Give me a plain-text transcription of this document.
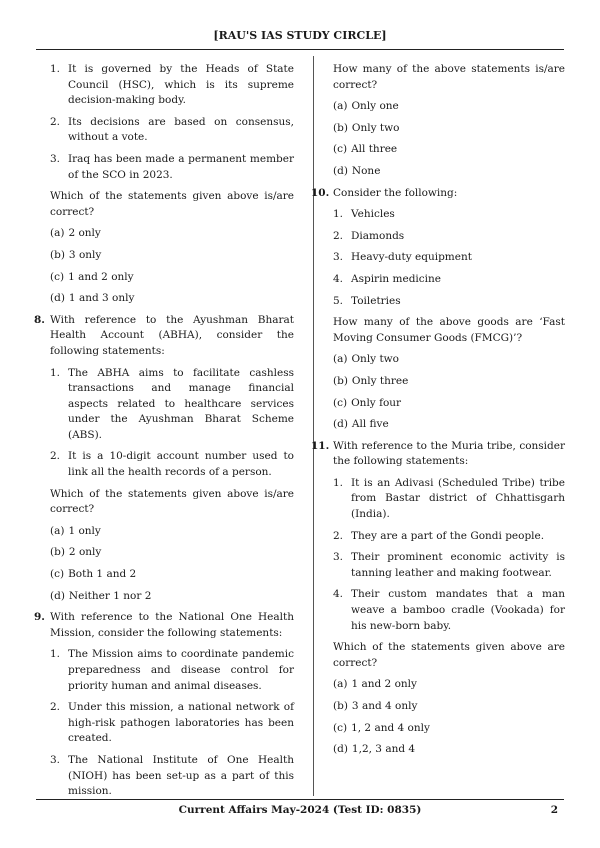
[RAU'S IAS STUDY CIRCLE]
1. It is governed by the Heads of State Council (HSC), which is its supreme decision-making body.
2. Its decisions are based on consensus, without a vote.
3. Iraq has been made a permanent member of the SCO in 2023.
Which of the statements given above is/are correct?
(a) 2 only
(b) 3 only
(c) 1 and 2 only
(d) 1 and 3 only
8. With reference to the Ayushman Bharat Health Account (ABHA), consider the following statements:
1. The ABHA aims to facilitate cashless transactions and manage financial aspects related to healthcare services under the Ayushman Bharat Scheme (ABS).
2. It is a 10-digit account number used to link all the health records of a person.
Which of the statements given above is/are correct?
(a) 1 only
(b) 2 only
(c) Both 1 and 2
(d) Neither 1 nor 2
9. With reference to the National One Health Mission, consider the following statements:
1. The Mission aims to coordinate pandemic preparedness and disease control for priority human and animal diseases.
2. Under this mission, a national network of high-risk pathogen laboratories has been created.
3. The National Institute of One Health (NIOH) has been set-up as a part of this mission.
How many of the above statements is/are correct?
(a) Only one
(b) Only two
(c) All three
(d) None
10. Consider the following:
1. Vehicles
2. Diamonds
3. Heavy-duty equipment
4. Aspirin medicine
5. Toiletries
How many of the above goods are ‘Fast Moving Consumer Goods (FMCG)’?
(a) Only two
(b) Only three
(c) Only four
(d) All five
11. With reference to the Muria tribe, consider the following statements:
1. It is an Adivasi (Scheduled Tribe) tribe from Bastar district of Chhattisgarh (India).
2. They are a part of the Gondi people.
3. Their prominent economic activity is tanning leather and making footwear.
4. Their custom mandates that a man weave a bamboo cradle (Vookada) for his new-born baby.
Which of the statements given above are correct?
(a) 1 and 2 only
(b) 3 and 4 only
(c) 1, 2 and 4 only
(d) 1,2, 3 and 4
Current Affairs May-2024 (Test ID: 0835)	2
